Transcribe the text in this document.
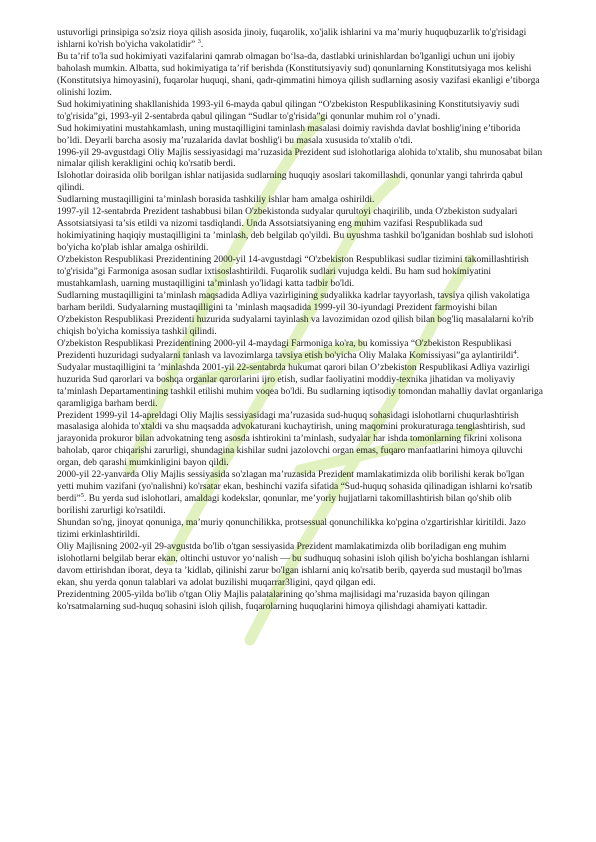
ustuvorligi prinsipiga so'zsiz rioya qilish asosida jinoiy, fuqarolik, xo'jalik ishlarini va ma’muriy huquqbuzarlik to'g'risidagi ishlarni ko'rish bo'yicha vakolatidir” $^3$.

Bu ta’rif to'la sud hokimiyati vazifalarini qamrab olmagan bo‘lsa-da, dastlabki urinishlardan bo'lganligi uchun uni ijobiy baholash mumkin. Albatta, sud hokimiyatiga ta’rif berishda (Konstitutsiyaviy sud) qonunlarning Konstitutsiyaga mos kelishi (Konstitutsiya himoyasini), fuqarolar huquqi, shani, qadr-qimmatini himoya qilish sudlarning asosiy vazifasi ekanligi e’tiborga olinishi lozim.

Sud hokimiyatining shakllanishida 1993-yil 6-mayda qabul qilingan “O'zbekiston Respublikasining Konstitutsiyaviy sudi to'g'risida”gi, 1993-yil 2-sentabrda qabul qilingan “Sudlar to'g'risida”gi qonunlar muhim rol o’ynadi.

Sud hokimiyatini mustahkamlash, uning mustaqilligini taminlash masalasi doimiy ravishda davlat boshlig'ining e’tiborida bo’ldi. Deyarli barcha asosiy ma’ruzalarida davlat boshlig'i bu masala xususida to'xtalib o'tdi.

1996-yil 29-avgustdagi Oliy Majlis sessiyasidagi ma’ruzasida Prezident sud islohotlariga alohida to'xtalib, shu munosabat bilan nimalar qilish kerakligini ochiq ko'rsatib berdi.

Islohotlar doirasida olib borilgan ishlar natijasida sudlarning huquqiy asoslari takomillashdi, qonunlar yangi tahrirda qabul qilindi.

Sudlarning mustaqilligini ta’minlash borasida tashkiliy ishlar ham amalga oshirildi.

1997-yil 12-sentabrda Prezident tashabbusi bilan O'zbekistonda sudyalar qurultoyi chaqirilib, unda O'zbekiston sudyalari Assotsiatsiyasi ta’sis etildi va nizomi tasdiqlandi. Unda Assotsiatsiyaning eng muhim vazifasi Respublikada sud hokimiyatining haqiqiy mustaqilligini ta ’minlash, deb belgilab qo'yildi. Bu uyushma tashkil bo'lganidan boshlab sud islohoti bo'yicha ko'plab ishlar amalga oshirildi.

O'zbekiston Respublikasi Prezidentining 2000-yil 14-avgustdagi “O'zbekiston Respublikasi sudlar tizimini takomillashtirish to'g'risida”gi Farmoniga asosan sudlar ixtisoslashtirildi. Fuqarolik sudlari vujudga keldi. Bu ham sud hokimiyatini mustahkamlash, uarning mustaqilligini ta’minlash yo'lidagi katta tadbir bo'ldi.

Sudlarning mustaqilligini ta’minlash maqsadida Adliya vazirligining sudyalikka kadrlar tayyorlash, tavsiya qilish vakolatiga barham berildi. Sudyalarning mustaqilligini ta ’minlash maqsadida 1999-yil 30-iyundagi Prezident farmoyishi bilan O'zbekiston Respublikasi Prezidenti huzurida sudyalarni tayinlash va lavozimidan ozod qilish bilan bog'liq masalalarni ko'rib chiqish bo'yicha komissiya tashkil qilindi.

O'zbekiston Respublikasi Prezidentining 2000-yil 4-maydagi Farmoniga ko'ra, bu komissiya “O'zbekiston Respublikasi Prezidenti huzuridagi sudyalarni tanlash va lavozimlarga tavsiya etish bo'yicha Oliy Malaka Komissiyasi”ga aylantirildi$^4$.

Sudyalar mustaqilligini ta ’minlashda 2001-yil 22-sentabrda hukumat qarori bilan O’zbekiston Respublikasi Adliya vazirligi huzurida Sud qarorlari va boshqa organlar qarorlarini ijro etish, sudlar faoliyatini moddiy-texnika jihatidan va moliyaviy ta’minlash Departamentining tashkil etilishi muhim voqea bo'ldi. Bu sudlarning iqtisodiy tomondan mahalliy davlat organlariga qaramligiga barham berdi.

Prezident 1999-yil 14-apreldagi Oliy Majlis sessiyasidagi ma’ruzasida sud-huquq sohasidagi islohotlarni chuqurlashtirish masalasiga alohida to'xtaldi va shu maqsadda advokaturani kuchaytirish, uning maqomini prokuraturaga tenglashtirish, sud jarayonida prokuror bilan advokatning teng asosda ishtirokini ta’minlash, sudyalar har ishda tomonlarning fikrini xolisona baholab, qaror chiqarishi zarurligi, shundagina kishilar sudni jazolovchi organ emas, fuqaro manfaatlarini himoya qiluvchi organ, deb qarashi mumkinligini bayon qildi.

2000-yil 22-yanvarda Oliy Majlis sessiyasida so'zlagan ma’ruzasida Prezident mamlakatimizda olib borilishi kerak bo'lgan yetti muhim vazifani (yo'nalishni) ko'rsatar ekan, beshinchi vazifa sifatida “Sud-huquq sohasida qilinadigan ishlarni ko'rsatib berdi”$^5$. Bu yerda sud islohotlari, amaldagi kodekslar, qonunlar, me’yoriy hujjatlarni takomillashtirish bilan qo'shib olib borilishi zarurligi ko'rsatildi.

Shundan so'ng, jinoyat qonuniga, ma’muriy qonunchilikka, protsessual qonunchilikka ko'pgina o'zgartirishlar kiritildi. Jazo tizimi erkinlashtirildi.

Oliy Majlisning 2002-yil 29-avgustda bo'lib o'tgan sessiyasida Prezident mamlakatimizda olib boriladigan eng muhim islohotlarni belgilab berar ekan, oltinchi ustuvor yo‘nalish — bu sudhuquq sohasini isloh qilish bo'yicha boshlangan ishlarni davom ettirishdan iborat, deya ta ’kidlab, qilinishi zarur bo'lgan ishlarni aniq ko'rsatib berib, qayerda sud mustaqil bo'lmas ekan, shu yerda qonun talablari va adolat buzilishi muqarrar3ligini, qayd qilgan edi.

Prezidentning 2005-yilda bo'lib o'tgan Oliy Majlis palatalarining qo’shma majlisidagi ma’ruzasida bayon qilingan ko'rsatmalarning sud-huquq sohasini isloh qilish, fuqarolarning huquqlarini himoya qilishdagi ahamiyati kattadir.
